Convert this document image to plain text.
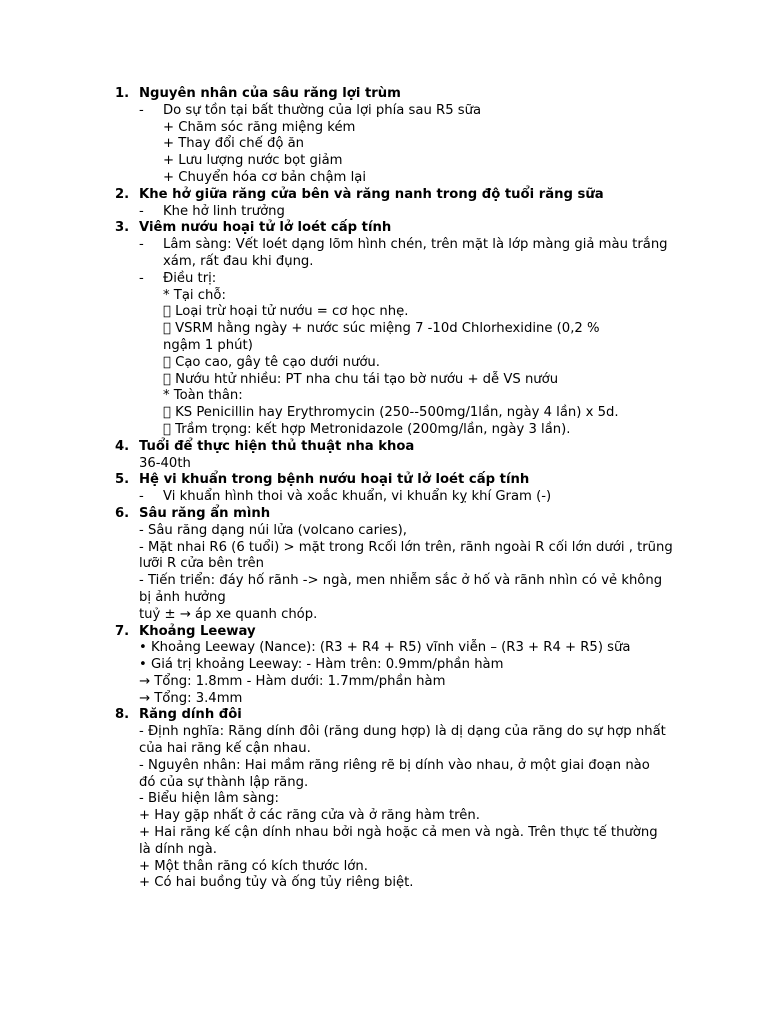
1. Nguyên nhân của sâu răng lợi trùm
-	Do sự tồn tại bất thường của lợi phía sau R5 sữa
+ Chăm sóc răng miệng kém
+ Thay đổi chế độ ăn
+ Lưu lượng nước bọt giảm
+ Chuyển hóa cơ bản chậm lại
2. Khe hở giữa răng cửa bên và răng nanh trong độ tuổi răng sữa
-	Khe hở linh trưởng
3. Viêm nướu hoại tử lở loét cấp tính
-	Lâm sàng: Vết loét dạng lõm hình chén, trên mặt là lớp màng giả màu trắng xám, rất đau khi đụng.
-	Điều trị:
* Tại chỗ:
Loại trừ hoại tử nướu = cơ học nhẹ.
VSRM hằng ngày + nước súc miệng 7 -10d Chlorhexidine (0,2 %
ngậm 1 phút)
Cạo cao, gây tê cạo dưới nướu.
Nướu htử nhiều: PT nha chu tái tạo bờ nướu + dễ VS nướu
* Toàn thân:
KS Penicillin hay Erythromycin (250--500mg/1lần, ngày 4 lần) x 5d.
Trầm trọng: kết hợp Metronidazole (200mg/lần, ngày 3 lần).
4. Tuổi để thực hiện thủ thuật nha khoa
36-40th
5. Hệ vi khuẩn trong bệnh nướu hoại tử lở loét cấp tính
-	Vi khuẩn hình thoi và xoắc khuẩn, vi khuẩn kỵ khí Gram (-)
6. Sâu răng ẩn mình
- Sâu răng dạng núi lửa (volcano caries),
- Mặt nhai R6 (6 tuổi) > mặt trong Rcối lớn trên, rãnh ngoài R cối lớn dưới , trũng lưỡi R cửa bên trên
- Tiến triển: đáy hố rãnh -> ngà, men nhiễm sắc ở hố và rãnh nhìn có vẻ không bị ảnh hưởng
tuỷ ± → áp xe quanh chóp.
7. Khoảng Leeway
• Khoảng Leeway (Nance): (R3 + R4 + R5) vĩnh viễn – (R3 + R4 + R5) sữa
• Giá trị khoảng Leeway: - Hàm trên: 0.9mm/phần hàm
→ Tổng: 1.8mm - Hàm dưới: 1.7mm/phần hàm
→ Tổng: 3.4mm
8. Răng dính đôi
- Định nghĩa: Răng dính đôi (răng dung hợp) là dị dạng của răng do sự hợp nhất của hai răng kế cận nhau.
- Nguyên nhân: Hai mầm răng riêng rẽ bị dính vào nhau, ở một giai đoạn nào
đó của sự thành lập răng.
- Biểu hiện lâm sàng:
+ Hay gặp nhất ở các răng cửa và ở răng hàm trên.
+ Hai răng kế cận dính nhau bởi ngà hoặc cả men và ngà. Trên thực tế thường
là dính ngà.
+ Một thân răng có kích thước lớn.
+ Có hai buồng tủy và ống tủy riêng biệt.
